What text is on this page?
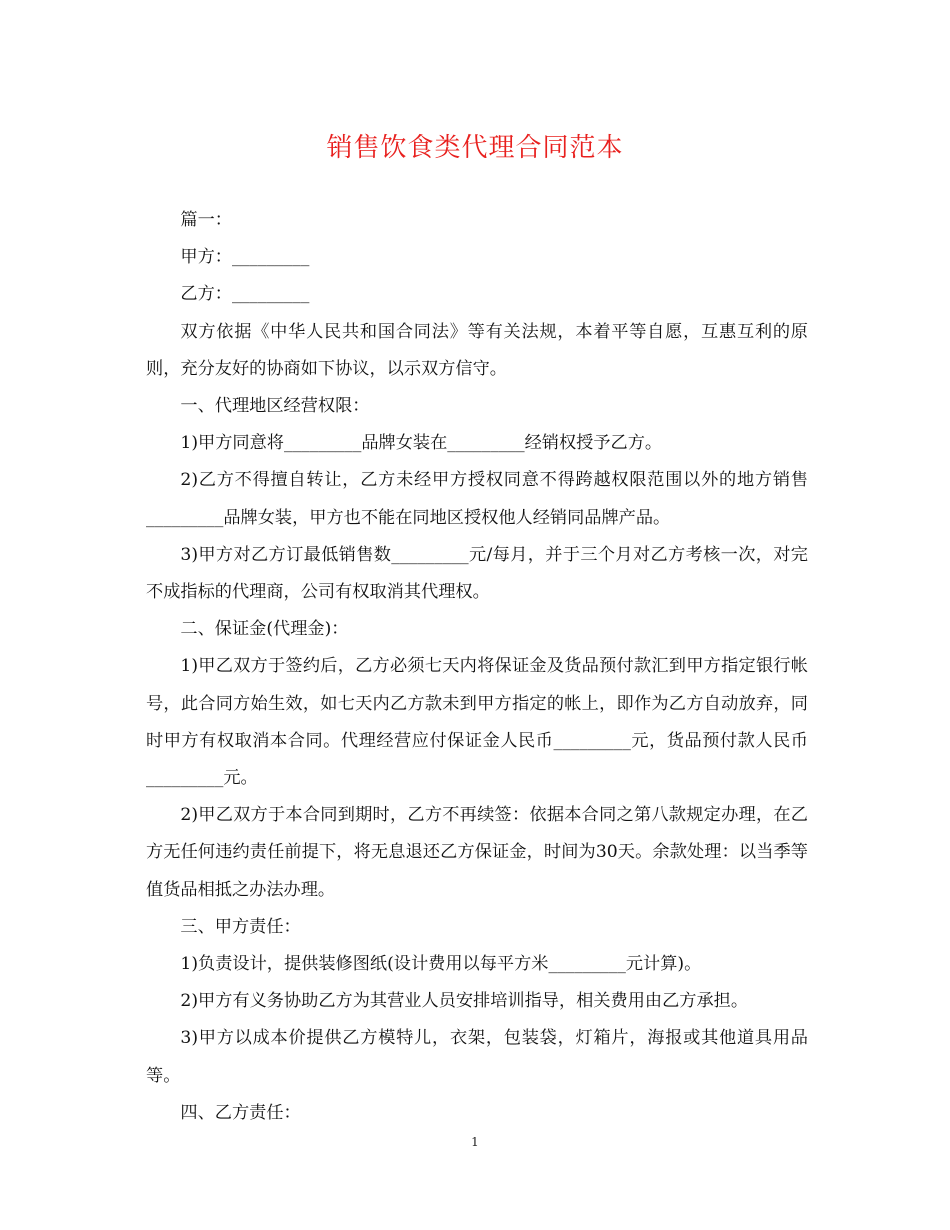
销售饮食类代理合同范本

篇一：

甲方：_________

乙方：_________

双方依据《中华人民共和国合同法》等有关法规，本着平等自愿，互惠互利的原则，充分友好的协商如下协议，以示双方信守。

一、代理地区经营权限：

1)甲方同意将_________品牌女装在_________经销权授予乙方。

2)乙方不得擅自转让，乙方未经甲方授权同意不得跨越权限范围以外的地方销售_________品牌女装，甲方也不能在同地区授权他人经销同品牌产品。

3)甲方对乙方订最低销售数_________元/每月，并于三个月对乙方考核一次，对完不成指标的代理商，公司有权取消其代理权。

二、保证金(代理金)：

1)甲乙双方于签约后，乙方必须七天内将保证金及货品预付款汇到甲方指定银行帐号，此合同方始生效，如七天内乙方款未到甲方指定的帐上，即作为乙方自动放弃，同时甲方有权取消本合同。代理经营应付保证金人民币_________元，货品预付款人民币_________元。

2)甲乙双方于本合同到期时，乙方不再续签：依据本合同之第八款规定办理，在乙方无任何违约责任前提下，将无息退还乙方保证金，时间为30天。余款处理：以当季等值货品相抵之办法办理。

三、甲方责任：

1)负责设计，提供装修图纸(设计费用以每平方米_________元计算)。

2)甲方有义务协助乙方为其营业人员安排培训指导，相关费用由乙方承担。

3)甲方以成本价提供乙方模特儿，衣架，包装袋，灯箱片，海报或其他道具用品等。

四、乙方责任：

1
